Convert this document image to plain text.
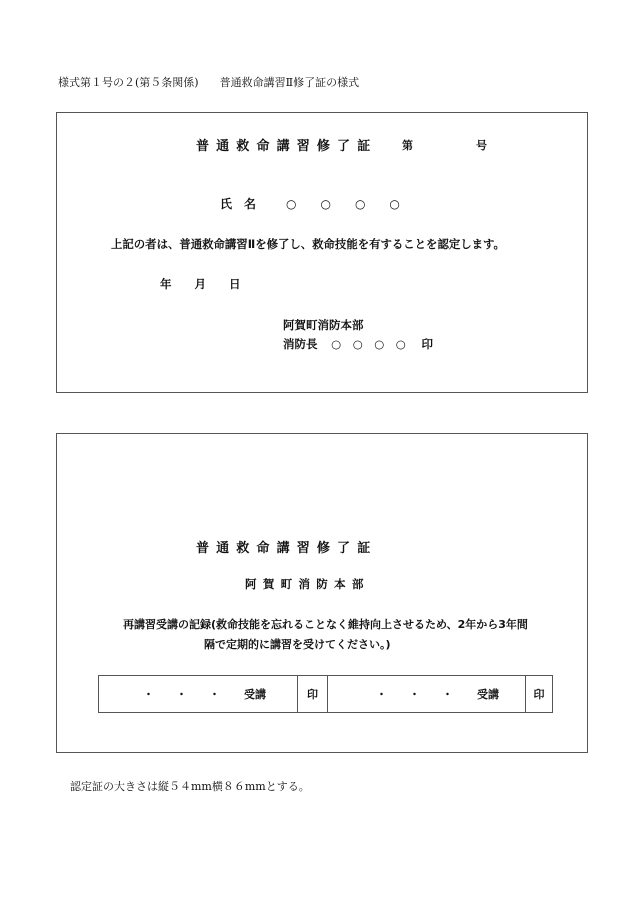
様式第１号の２(第５条関係) 普通救命講習Ⅱ修了証の様式
普通救命講習修了証 第	号
氏　名 ○　　○　　○　　○
上記の者は、普通救命講習Ⅱを修了し、救命技能を有することを認定します。
年　　月　　日
阿賀町消防本部
消防長 ○　○　○　○ 印
普通救命講習修了証
阿賀町消防本部
再講習受講の記録(救命技能を忘れることなく維持向上させるため、2年から3年間
隔で定期的に講習を受けてください。)
・　　・　　・ 受講	印	・　　・　　・ 受講	印
認定証の大きさは縦５４mm横８６mmとする。
